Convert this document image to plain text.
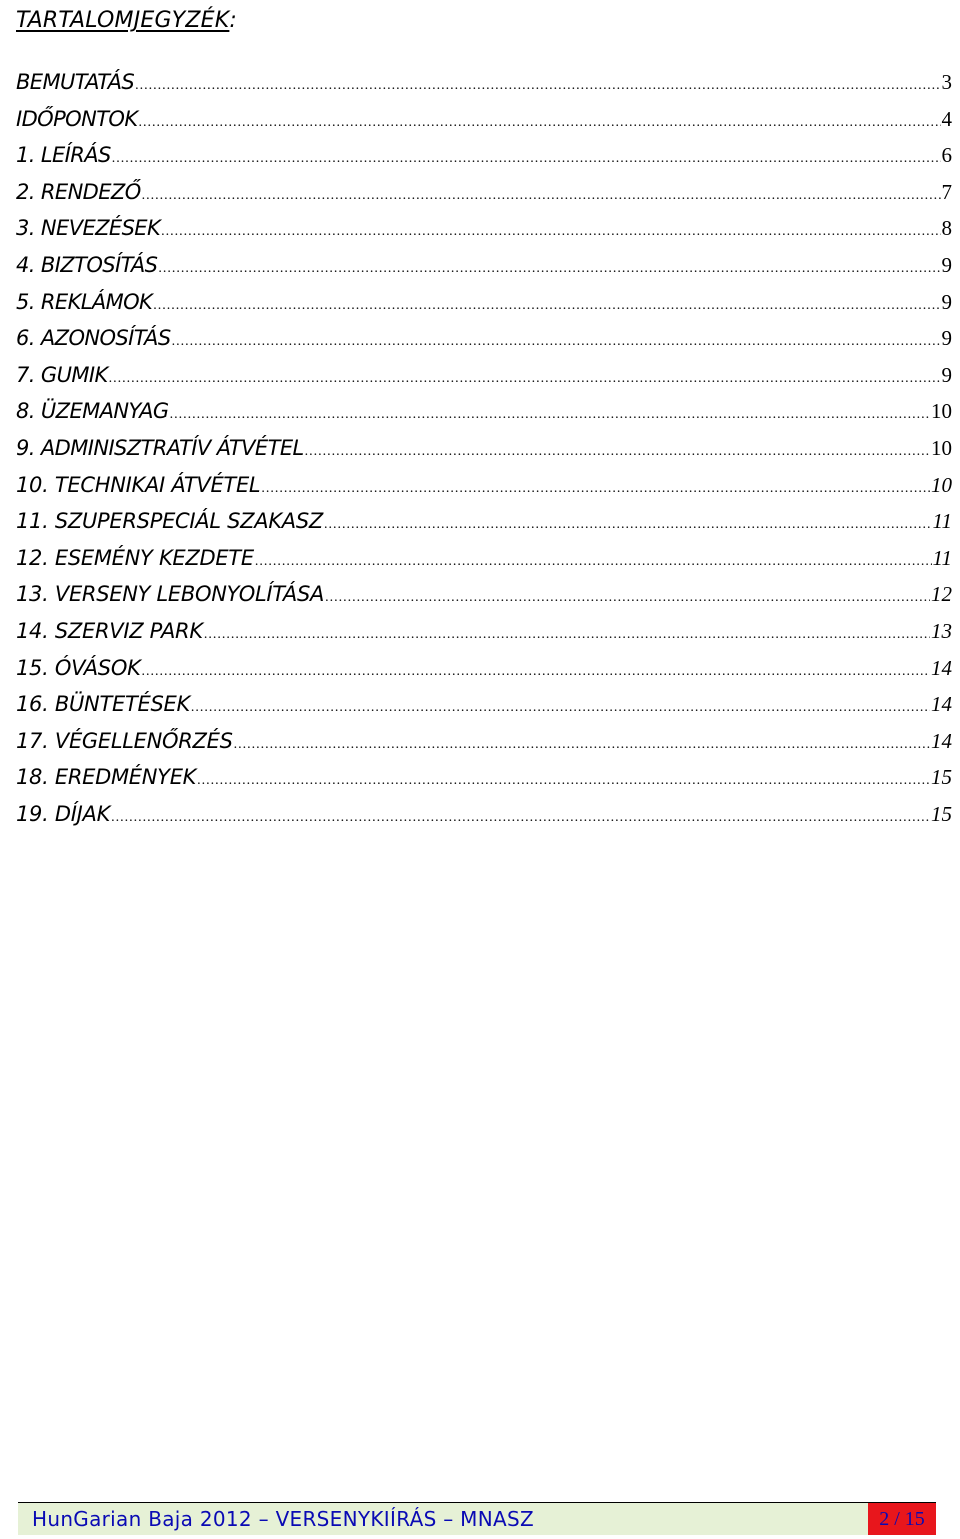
TARTALOMJEGYZÉK:
BEMUTATÁS .....	3
IDŐPONTOK .....	4
1. LEÍRÁS .....	6
2. RENDEZŐ .....	7
3. NEVEZÉSEK .....	8
4. BIZTOSÍTÁS .....	9
5. REKLÁMOK .....	9
6. AZONOSÍTÁS .....	9
7. GUMIK .....	9
8. ÜZEMANYAG .....	10
9. ADMINISZTRATÍV ÁTVÉTEL .....	10
10. TECHNIKAI ÁTVÉTEL .....	10
11. SZUPERSPECIÁL SZAKASZ .....	11
12. ESEMÉNY KEZDETE .....	11
13. VERSENY LEBONYOLÍTÁSA .....	12
14. SZERVIZ PARK .....	13
15. ÓVÁSOK .....	14
16. BÜNTETÉSEK .....	14
17. VÉGELLENŐRZÉS .....	14
18. EREDMÉNYEK .....	15
19. DÍJAK .....	15
HunGarian Baja 2012 – VERSENYKIÍRÁS – MNASZ	2 / 15
